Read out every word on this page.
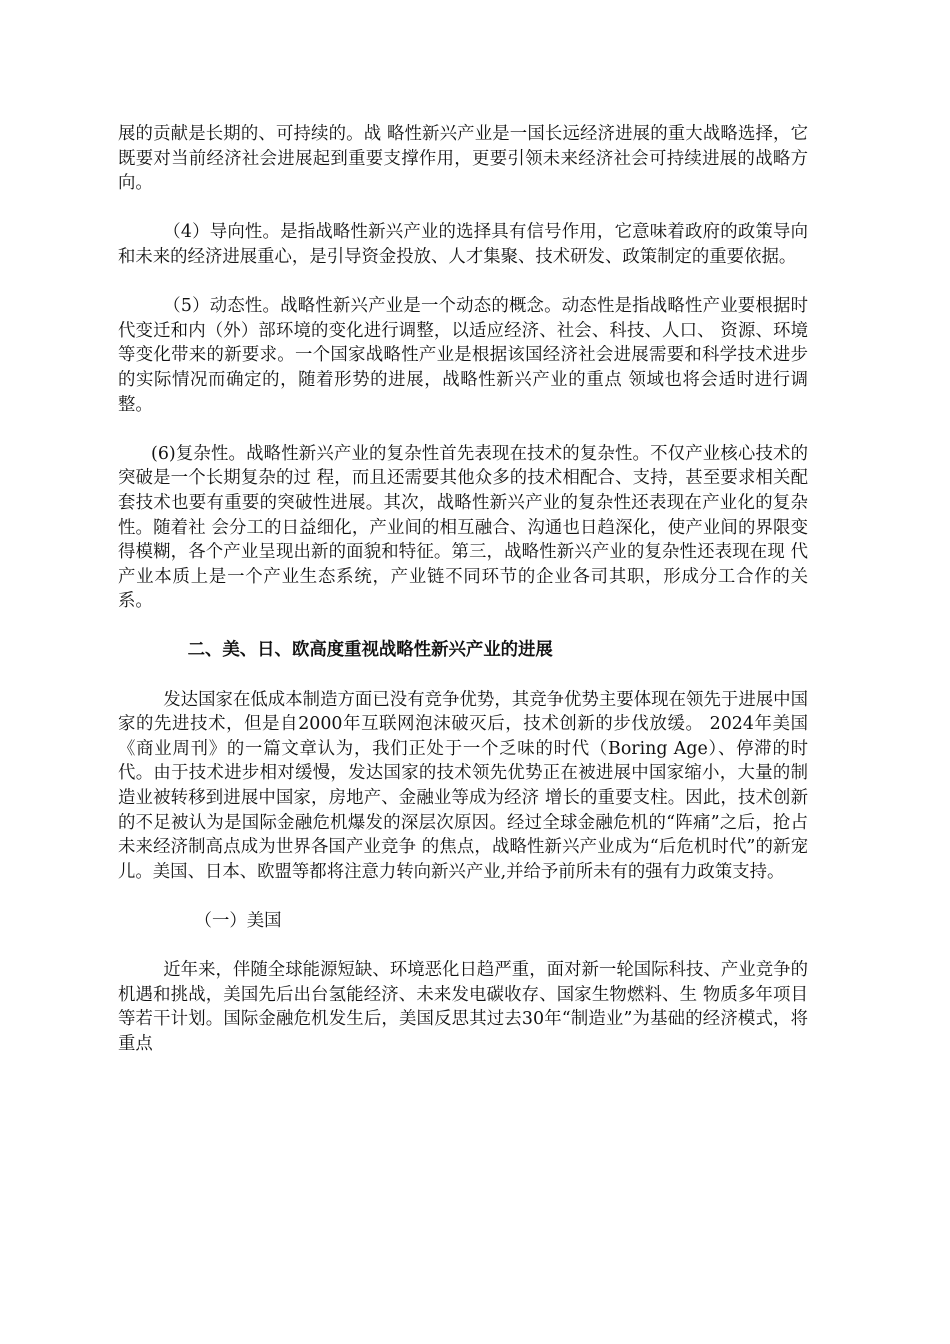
展的贡献是长期的、可持续的。战 略性新兴产业是一国长远经济进展的重大战略选择，它既要对当前经济社会进展起到重要支撑作用，更要引领未来经济社会可持续进展的战略方向。

（4）导向性。是指战略性新兴产业的选择具有信号作用，它意味着政府的政策导向和未来的经济进展重心，是引导资金投放、人才集聚、技术研发、政策制定的重要依据。

（5）动态性。战略性新兴产业是一个动态的概念。动态性是指战略性产业要根据时代变迁和内（外）部环境的变化进行调整，以适应经济、社会、科技、人口、 资源、环境等变化带来的新要求。一个国家战略性产业是根据该国经济社会进展需要和科学技术进步的实际情况而确定的，随着形势的进展，战略性新兴产业的重点 领域也将会适时进行调整。

(6)复杂性。战略性新兴产业的复杂性首先表现在技术的复杂性。不仅产业核心技术的突破是一个长期复杂的过 程，而且还需要其他众多的技术相配合、支持，甚至要求相关配套技术也要有重要的突破性进展。其次，战略性新兴产业的复杂性还表现在产业化的复杂性。随着社 会分工的日益细化，产业间的相互融合、沟通也日趋深化，使产业间的界限变得模糊，各个产业呈现出新的面貌和特征。第三，战略性新兴产业的复杂性还表现在现 代产业本质上是一个产业生态系统，产业链不同环节的企业各司其职，形成分工合作的关系。

二、美、日、欧高度重视战略性新兴产业的进展

发达国家在低成本制造方面已没有竞争优势，其竞争优势主要体现在领先于进展中国家的先进技术，但是自2000年互联网泡沫破灭后，技术创新的步伐放缓。 2024年美国《商业周刊》的一篇文章认为，我们正处于一个乏味的时代（Boring Age）、停滞的时代。由于技术进步相对缓慢，发达国家的技术领先优势正在被进展中国家缩小，大量的制造业被转移到进展中国家，房地产、金融业等成为经济 增长的重要支柱。因此，技术创新的不足被认为是国际金融危机爆发的深层次原因。经过全球金融危机的“阵痛”之后，抢占未来经济制高点成为世界各国产业竞争 的焦点，战略性新兴产业成为“后危机时代”的新宠儿。美国、日本、欧盟等都将注意力转向新兴产业,并给予前所未有的强有力政策支持。

（一）美国

近年来，伴随全球能源短缺、环境恶化日趋严重，面对新一轮国际科技、产业竞争的机遇和挑战，美国先后出台氢能经济、未来发电碳收存、国家生物燃料、生 物质多年项目等若干计划。国际金融危机发生后，美国反思其过去30年“制造业”为基础的经济模式，将重点
